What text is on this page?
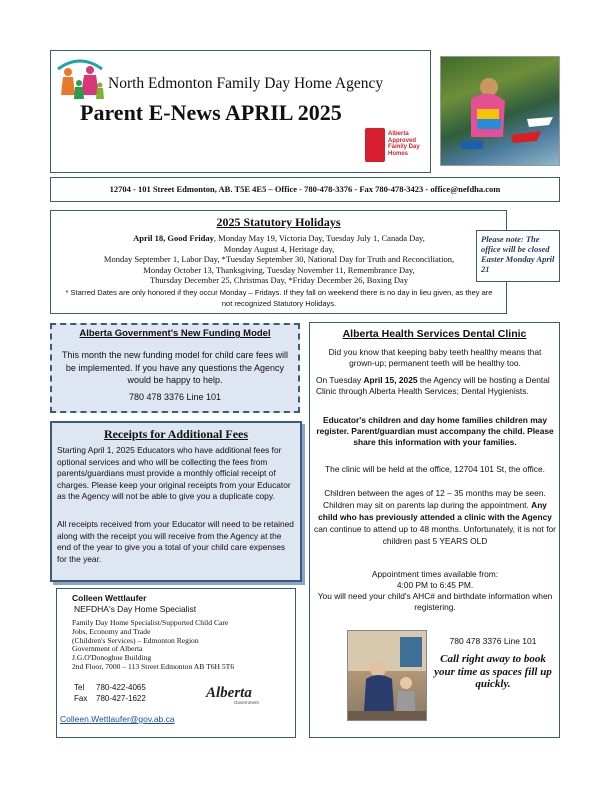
North Edmonton Family Day Home Agency
Parent E-News APRIL 2025
Alberta Approved Family Day Homes
12704 - 101 Street Edmonton, AB. T5E 4E5 – Office - 780-478-3376 - Fax 780-478-3423 - office@nefdha.com
2025 Statutory Holidays

April 18, Good Friday, Monday May 19, Victoria Day, Tuesday July 1, Canada Day,

Monday August 4, Heritage day,

Monday September 1, Labor Day, *Tuesday September 30, National Day for Truth and Reconciliation,

Monday October 13, Thanksgiving, Tuesday November 11, Remembrance Day,

Thursday December 25, Christmas Day, *Friday December 26, Boxing Day

* Starred Dates are only honored if they occur Monday – Fridays. If they fall on weekend there is no day in lieu given, as they are not recognized Statutory Holidays.
Please note: The office will be closed Easter Monday April 21
Alberta Government's New Funding Model
This month the new funding model for child care fees will be implemented. If you have any questions the Agency would be happy to help.
780 478 3376 Line 101
Receipts for Additional Fees
Starting April 1, 2025 Educators who have additional fees for optional services and who will be collecting the fees from parents/guardians must provide a monthly official receipt of charges. Please keep your original receipts from your Educator as the Agency will not be able to give you a duplicate copy.
All receipts received from your Educator will need to be retained along with the receipt you will receive from the Agency at the end of the year to give you a total of your child care expenses for the year.
Colleen Wettlaufer
NEFDHA's Day Home Specialist

Family Day Home Specialist/Supported Child Care

Jobs, Economy and Trade

(Children's Services) – Edmonton Region

Government of Alberta

J.G.O'Donoghue Building

2nd Floor, 7000 – 113 Street Edmonton AB T6H 5T6

Tel 780-422-4065
Fax 780-427-1622	Alberta
Government
Colleen.Wettlaufer@gov.ab.ca
Alberta Health Services Dental Clinic
Did you know that keeping baby teeth healthy means that grown-up; permanent teeth will be healthy too.
On Tuesday April 15, 2025 the Agency will be hosting a Dental Clinic through Alberta Health Services; Dental Hygienists.
Educator's children and day home families children may register. Parent/guardian must accompany the child. Please share this information with your families.
The clinic will be held at the office, 12704 101 St, the office.
Children between the ages of 12 – 35 months may be seen. Children may sit on parents lap during the appointment. Any child who has previously attended a clinic with the Agency can continue to attend up to 48 months. Unfortunately, it is not for children past 5 YEARS OLD

Appointment times available from:

4:00 PM to 6:45 PM.

You will need your child's AHC# and birthdate information when registering.

780 478 3376 Line 101
Call right away to book your time as spaces fill up quickly.
